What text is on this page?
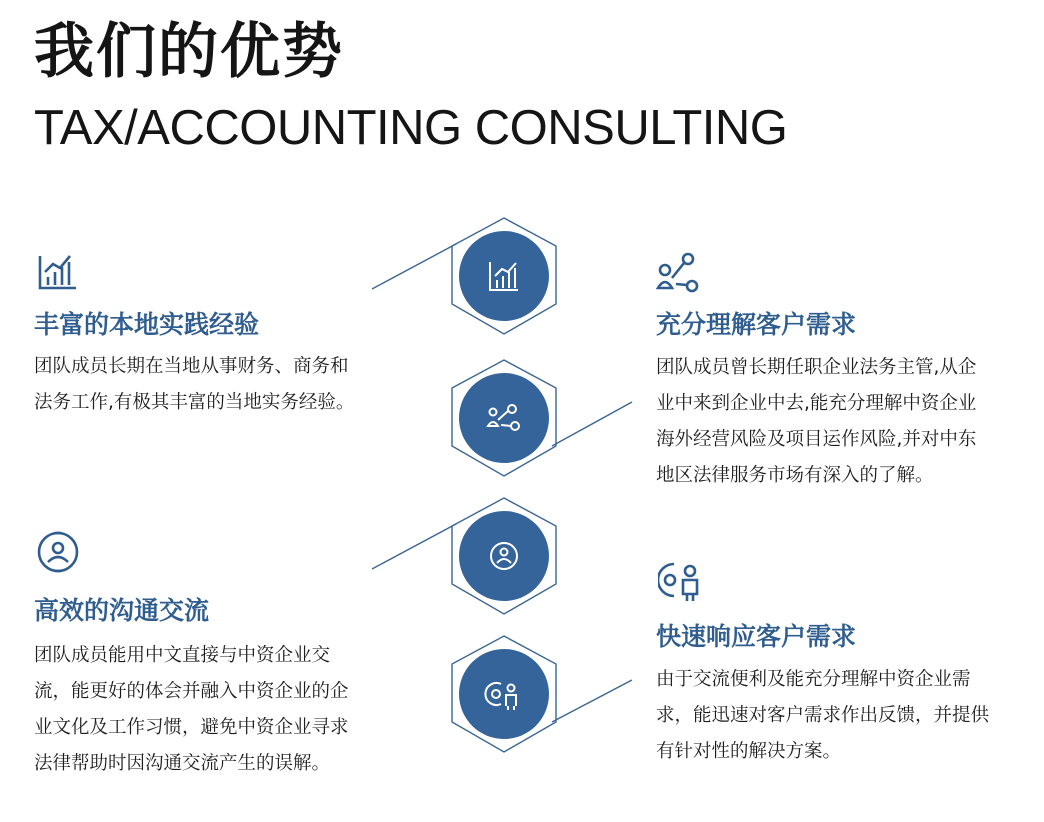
我们的优势
TAX/ACCOUNTING CONSULTING
丰富的本地实践经验
团队成员长期在当地从事财务、商务和
法务工作,有极其丰富的当地实务经验。
充分理解客户需求
团队成员曾长期任职企业法务主管,从企
业中来到企业中去,能充分理解中资企业
海外经营风险及项目运作风险,并对中东
地区法律服务市场有深入的了解。
高效的沟通交流
团队成员能用中文直接与中资企业交
流，能更好的体会并融入中资企业的企
业文化及工作习惯，避免中资企业寻求
法律帮助时因沟通交流产生的误解。
快速响应客户需求
由于交流便利及能充分理解中资企业需
求，能迅速对客户需求作出反馈，并提供
有针对性的解决方案。
